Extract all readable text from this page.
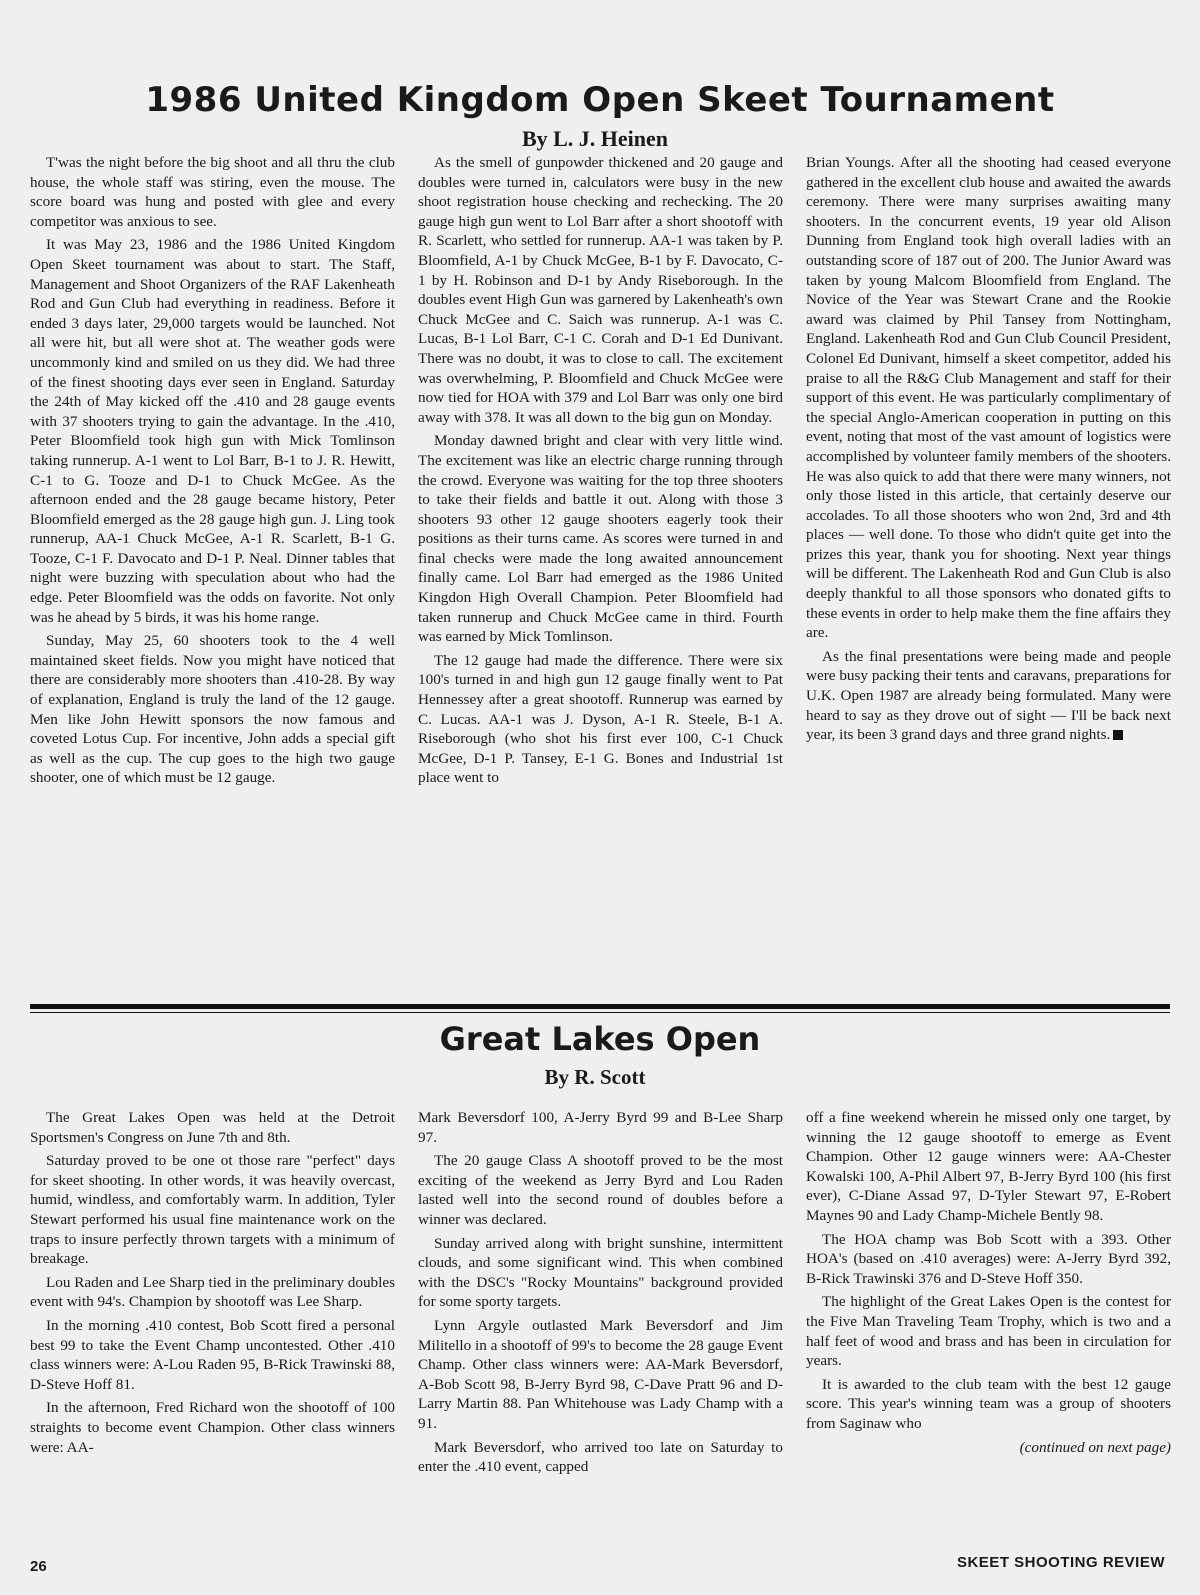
1986 United Kingdom Open Skeet Tournament
By L. J. Heinen

T'was the night before the big shoot and all thru the club house, the whole staff was stiring, even the mouse. The score board was hung and posted with glee and every competitor was anxious to see.

It was May 23, 1986 and the 1986 United Kingdom Open Skeet tournament was about to start. The Staff, Management and Shoot Organizers of the RAF Lakenheath Rod and Gun Club had everything in readiness. Before it ended 3 days later, 29,000 targets would be launched. Not all were hit, but all were shot at. The weather gods were uncommonly kind and smiled on us they did. We had three of the finest shooting days ever seen in England. Saturday the 24th of May kicked off the .410 and 28 gauge events with 37 shooters trying to gain the advantage. In the .410, Peter Bloomfield took high gun with Mick Tomlinson taking runnerup. A-1 went to Lol Barr, B-1 to J. R. Hewitt, C-1 to G. Tooze and D-1 to Chuck McGee. As the afternoon ended and the 28 gauge became history, Peter Bloomfield emerged as the 28 gauge high gun. J. Ling took runnerup, AA-1 Chuck McGee, A-1 R. Scarlett, B-1 G. Tooze, C-1 F. Davocato and D-1 P. Neal. Dinner tables that night were buzzing with speculation about who had the edge. Peter Bloomfield was the odds on favorite. Not only was he ahead by 5 birds, it was his home range.

Sunday, May 25, 60 shooters took to the 4 well maintained skeet fields. Now you might have noticed that there are considerably more shooters than .410-28. By way of explanation, England is truly the land of the 12 gauge. Men like John Hewitt sponsors the now famous and coveted Lotus Cup. For incentive, John adds a special gift as well as the cup. The cup goes to the high two gauge shooter, one of which must be 12 gauge.

As the smell of gunpowder thickened and 20 gauge and doubles were turned in, calculators were busy in the new shoot registration house checking and rechecking. The 20 gauge high gun went to Lol Barr after a short shootoff with R. Scarlett, who settled for runnerup. AA-1 was taken by P. Bloomfield, A-1 by Chuck McGee, B-1 by F. Davocato, C-1 by H. Robinson and D-1 by Andy Riseborough. In the doubles event High Gun was garnered by Lakenheath's own Chuck McGee and C. Saich was runnerup. A-1 was C. Lucas, B-1 Lol Barr, C-1 C. Corah and D-1 Ed Dunivant. There was no doubt, it was to close to call. The excitement was overwhelming, P. Bloomfield and Chuck McGee were now tied for HOA with 379 and Lol Barr was only one bird away with 378. It was all down to the big gun on Monday.

Monday dawned bright and clear with very little wind. The excitement was like an electric charge running through the crowd. Everyone was waiting for the top three shooters to take their fields and battle it out. Along with those 3 shooters 93 other 12 gauge shooters eagerly took their positions as their turns came. As scores were turned in and final checks were made the long awaited announcement finally came. Lol Barr had emerged as the 1986 United Kingdon High Overall Champion. Peter Bloomfield had taken runnerup and Chuck McGee came in third. Fourth was earned by Mick Tomlinson.

The 12 gauge had made the difference. There were six 100's turned in and high gun 12 gauge finally went to Pat Hennessey after a great shootoff. Runnerup was earned by C. Lucas. AA-1 was J. Dyson, A-1 R. Steele, B-1 A. Riseborough (who shot his first ever 100, C-1 Chuck McGee, D-1 P. Tansey, E-1 G. Bones and Industrial 1st place went to

Brian Youngs. After all the shooting had ceased everyone gathered in the excellent club house and awaited the awards ceremony. There were many surprises awaiting many shooters. In the concurrent events, 19 year old Alison Dunning from England took high overall ladies with an outstanding score of 187 out of 200. The Junior Award was taken by young Malcom Bloomfield from England. The Novice of the Year was Stewart Crane and the Rookie award was claimed by Phil Tansey from Nottingham, England. Lakenheath Rod and Gun Club Council President, Colonel Ed Dunivant, himself a skeet competitor, added his praise to all the R&G Club Management and staff for their support of this event. He was particularly complimentary of the special Anglo-American cooperation in putting on this event, noting that most of the vast amount of logistics were accomplished by volunteer family members of the shooters. He was also quick to add that there were many winners, not only those listed in this article, that certainly deserve our accolades. To all those shooters who won 2nd, 3rd and 4th places — well done. To those who didn't quite get into the prizes this year, thank you for shooting. Next year things will be different. The Lakenheath Rod and Gun Club is also deeply thankful to all those sponsors who donated gifts to these events in order to help make them the fine affairs they are.

As the final presentations were being made and people were busy packing their tents and caravans, preparations for U.K. Open 1987 are already being formulated. Many were heard to say as they drove out of sight — I'll be back next year, its been 3 grand days and three grand nights.

Great Lakes Open
By R. Scott

The Great Lakes Open was held at the Detroit Sportsmen's Congress on June 7th and 8th.

Saturday proved to be one ot those rare "perfect" days for skeet shooting. In other words, it was heavily overcast, humid, windless, and comfortably warm. In addition, Tyler Stewart performed his usual fine maintenance work on the traps to insure perfectly thrown targets with a minimum of breakage.

Lou Raden and Lee Sharp tied in the preliminary doubles event with 94's. Champion by shootoff was Lee Sharp.

In the morning .410 contest, Bob Scott fired a personal best 99 to take the Event Champ uncontested. Other .410 class winners were: A-Lou Raden 95, B-Rick Trawinski 88, D-Steve Hoff 81.

In the afternoon, Fred Richard won the shootoff of 100 straights to become event Champion. Other class winners were: AA-

Mark Beversdorf 100, A-Jerry Byrd 99 and B-Lee Sharp 97.

The 20 gauge Class A shootoff proved to be the most exciting of the weekend as Jerry Byrd and Lou Raden lasted well into the second round of doubles before a winner was declared.

Sunday arrived along with bright sunshine, intermittent clouds, and some significant wind. This when combined with the DSC's "Rocky Mountains" background provided for some sporty targets.

Lynn Argyle outlasted Mark Beversdorf and Jim Militello in a shootoff of 99's to become the 28 gauge Event Champ. Other class winners were: AA-Mark Beversdorf, A-Bob Scott 98, B-Jerry Byrd 98, C-Dave Pratt 96 and D-Larry Martin 88. Pan Whitehouse was Lady Champ with a 91.

Mark Beversdorf, who arrived too late on Saturday to enter the .410 event, capped

off a fine weekend wherein he missed only one target, by winning the 12 gauge shootoff to emerge as Event Champion. Other 12 gauge winners were: AA-Chester Kowalski 100, A-Phil Albert 97, B-Jerry Byrd 100 (his first ever), C-Diane Assad 97, D-Tyler Stewart 97, E-Robert Maynes 90 and Lady Champ-Michele Bently 98.

The HOA champ was Bob Scott with a 393. Other HOA's (based on .410 averages) were: A-Jerry Byrd 392, B-Rick Trawinski 376 and D-Steve Hoff 350.

The highlight of the Great Lakes Open is the contest for the Five Man Traveling Team Trophy, which is two and a half feet of wood and brass and has been in circulation for years.

It is awarded to the club team with the best 12 gauge score. This year's winning team was a group of shooters from Saginaw who

(continued on next page)

26	SKEET SHOOTING REVIEW
